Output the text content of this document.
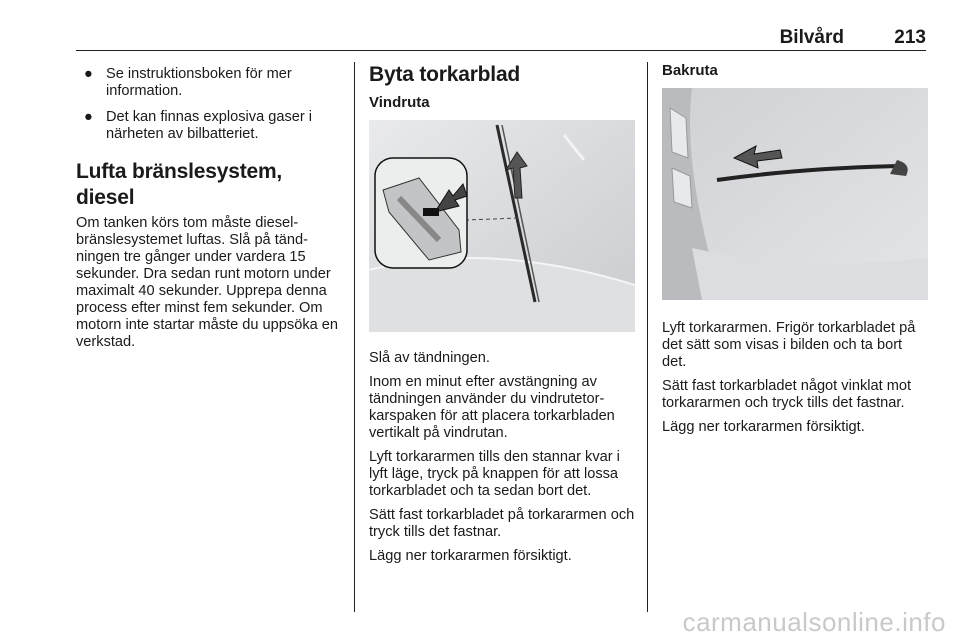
Bilvård	213
● Se instruktionsboken för mer information.
● Det kan finnas explosiva gaser i närheten av bilbatteriet.
Lufta bränslesystem, diesel

Om tanken körs tom måste dieselbränslesystemet luftas. Slå på tändningen tre gånger under vardera 15 sekunder. Dra sedan runt motorn under maximalt 40 sekunder. Upprepa denna process efter minst fem sekunder. Om motorn inte startar måste du uppsöka en verkstad.

Byta torkarblad
Vindruta

Slå av tändningen.

Inom en minut efter avstängning av tändningen använder du vindrutetorkarspaken för att placera torkarbladen vertikalt på vindrutan.

Lyft torkararmen tills den stannar kvar i lyft läge, tryck på knappen för att lossa torkarbladet och ta sedan bort det.

Sätt fast torkarbladet på torkararmen och tryck tills det fastnar.

Lägg ner torkararmen försiktigt.

Bakruta

Lyft torkararmen. Frigör torkarbladet på det sätt som visas i bilden och ta bort det.

Sätt fast torkarbladet något vinklat mot torkararmen och tryck tills det fastnar.

Lägg ner torkararmen försiktigt.

carmanualsonline.info
